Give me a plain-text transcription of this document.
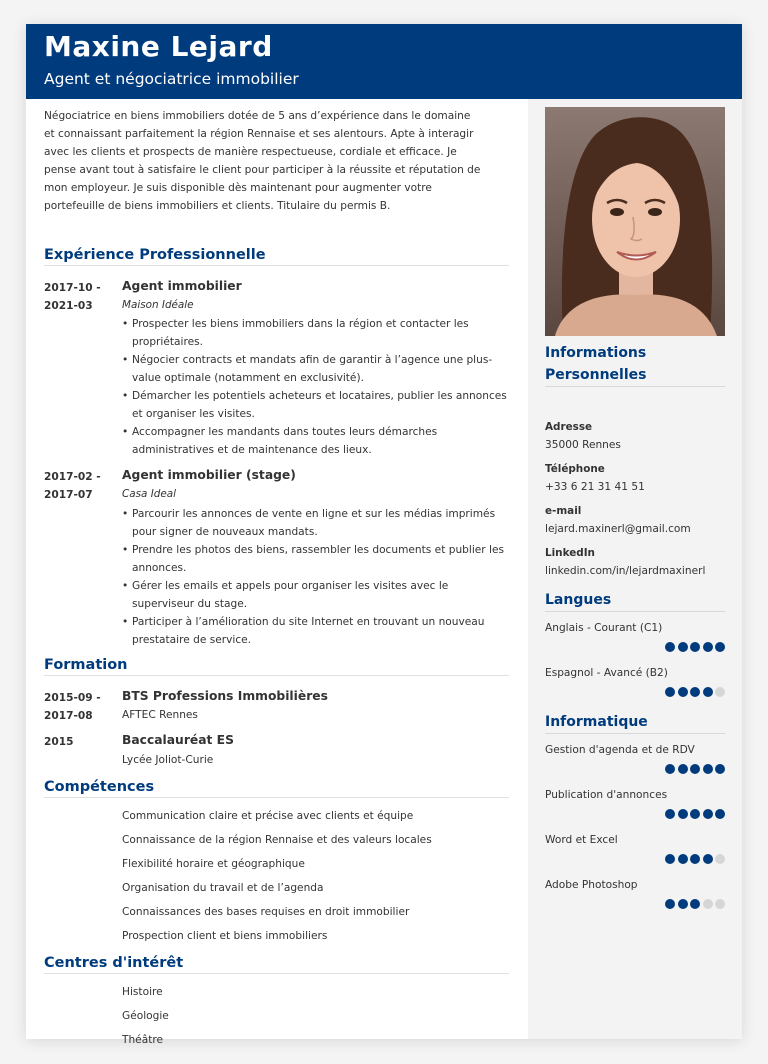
Maxine Lejard
Agent et négociatrice immobilier
Négociatrice en biens immobiliers dotée de 5 ans d’expérience dans le domaine et connaissant parfaitement la région Rennaise et ses alentours. Apte à interagir avec les clients et prospects de manière respectueuse, cordiale et efficace. Je pense avant tout à satisfaire le client pour participer à la réussite et réputation de mon employeur. Je suis disponible dès maintenant pour augmenter votre portefeuille de biens immobiliers et clients. Titulaire du permis B.
Expérience Professionnelle
2017-10 -
2021-03
Agent immobilier
Maison Idéale
• Prospecter les biens immobiliers dans la région et contacter les propriétaires.
• Négocier contracts et mandats afin de garantir à l’agence une plus-value optimale (notamment en exclusivité).
• Démarcher les potentiels acheteurs et locataires, publier les annonces et organiser les visites.
• Accompagner les mandants dans toutes leurs démarches administratives et de maintenance des lieux.
2017-02 -
2017-07
Agent immobilier (stage)
Casa Ideal
• Parcourir les annonces de vente en ligne et sur les médias imprimés pour signer de nouveaux mandats.
• Prendre les photos des biens, rassembler les documents et publier les annonces.
• Gérer les emails et appels pour organiser les visites avec le superviseur du stage.
• Participer à l’amélioration du site Internet en trouvant un nouveau prestataire de service.
Formation
2015-09 -
2017-08
BTS Professions Immobilières
AFTEC Rennes
2015	Baccalauréat ES
Lycée Joliot-Curie
Compétences
Communication claire et précise avec clients et équipe
Connaissance de la région Rennaise et des valeurs locales
Flexibilité horaire et géographique
Organisation du travail et de l’agenda
Connaissances des bases requises en droit immobilier
Prospection client et biens immobiliers
Centres d'intérêt
Histoire
Géologie
Théâtre
Informations
Personnelles
Adresse
35000 Rennes
Téléphone
+33 6 21 31 41 51
e-mail
lejard.maxinerl@gmail.com
LinkedIn
linkedin.com/in/lejardmaxinerl
Langues
Anglais - Courant (C1)
Espagnol - Avancé (B2)
Informatique
Gestion d'agenda et de RDV
Publication d'annonces
Word et Excel
Adobe Photoshop
